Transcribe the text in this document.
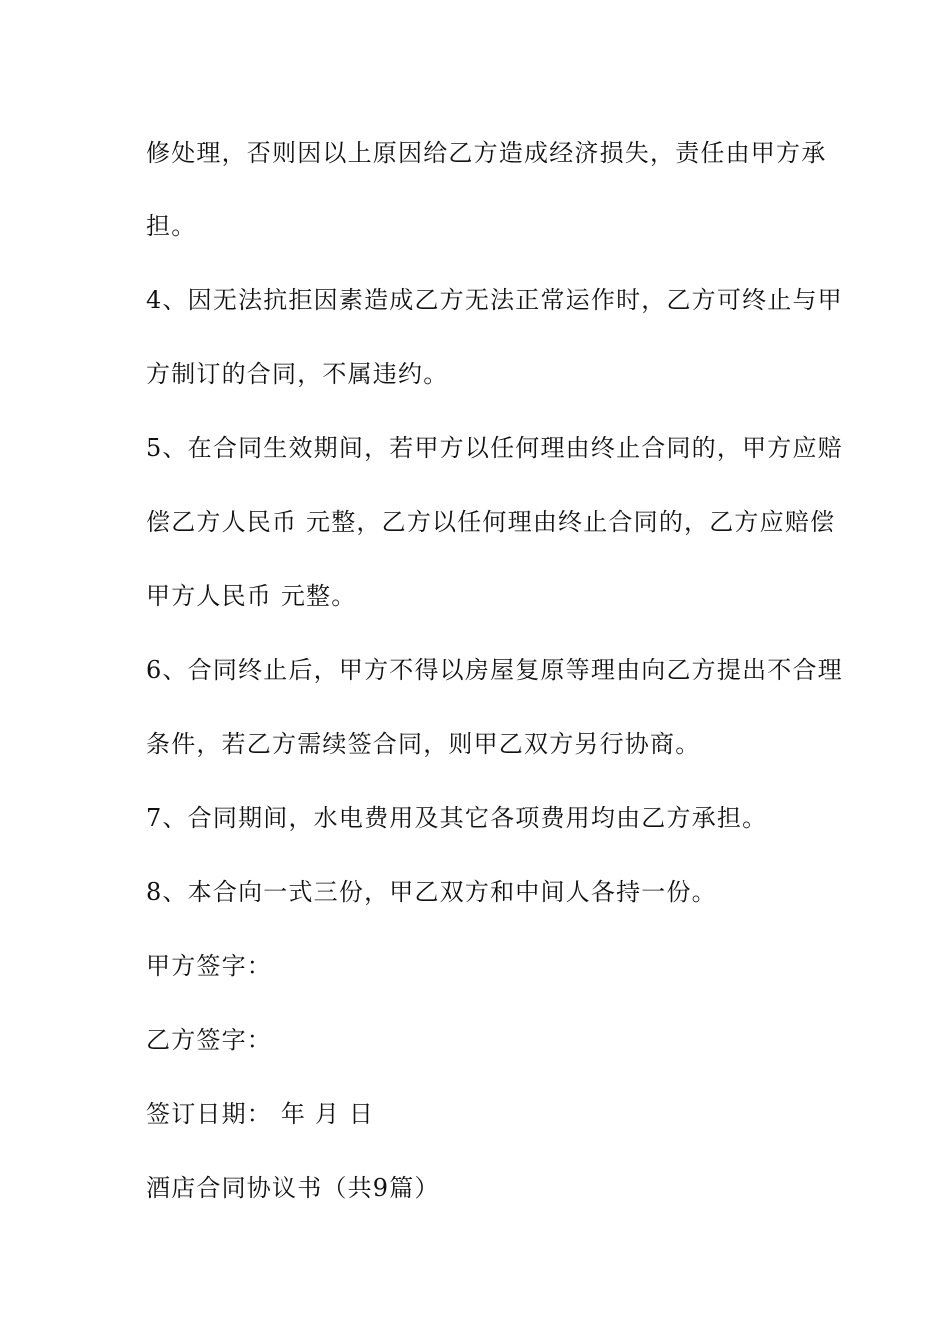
修处理，否则因以上原因给乙方造成经济损失，责任由甲方承
担。
4、因无法抗拒因素造成乙方无法正常运作时，乙方可终止与甲
方制订的合同，不属违约。
5、在合同生效期间，若甲方以任何理由终止合同的，甲方应赔
偿乙方人民币 元整，乙方以任何理由终止合同的，乙方应赔偿
甲方人民币 元整。
6、合同终止后，甲方不得以房屋复原等理由向乙方提出不合理
条件，若乙方需续签合同，则甲乙双方另行协商。
7、合同期间，水电费用及其它各项费用均由乙方承担。
8、本合向一式三份，甲乙双方和中间人各持一份。
甲方签字：
乙方签字：
签订日期： 年 月 日
酒店合同协议书（共9篇）
